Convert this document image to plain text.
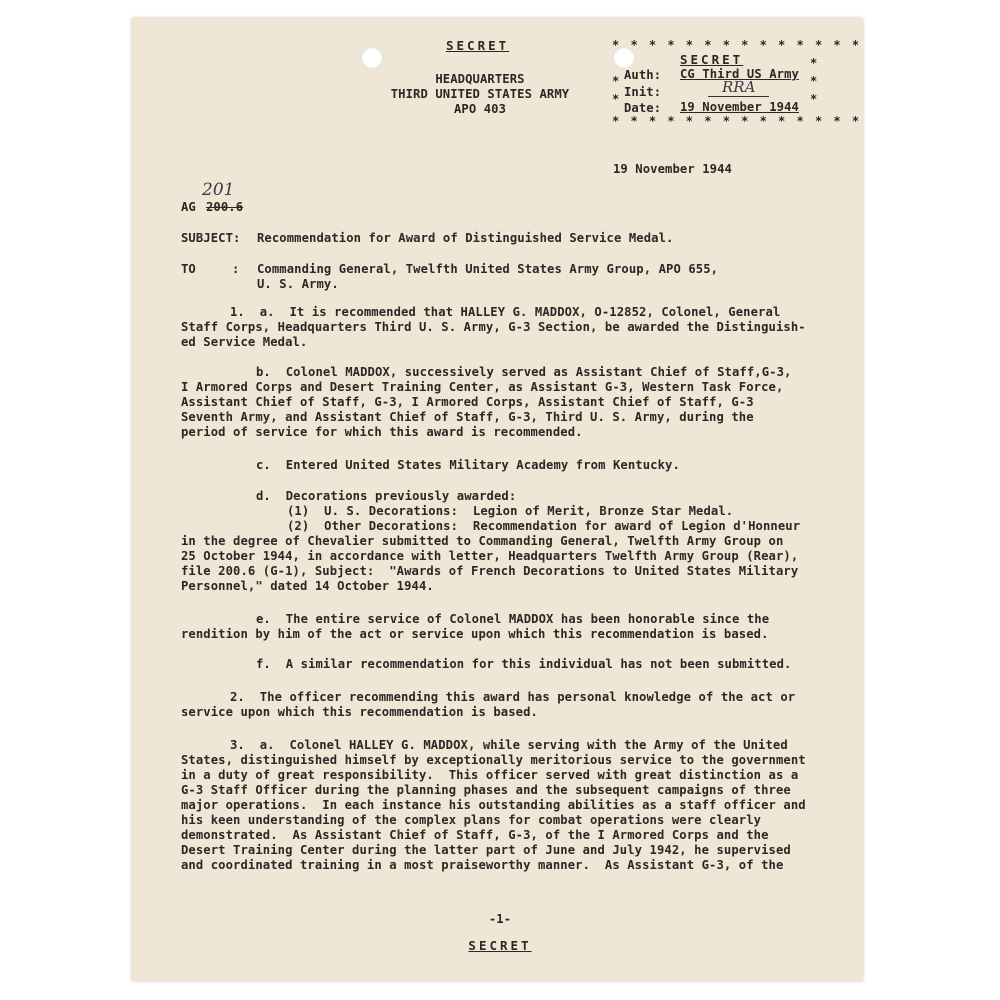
SECRET
HEADQUARTERS
THIRD UNITED STATES ARMY
APO 403
* * * * * * * * * * * * * *
* * * * * * * * * * * * * *
*
*
*
*
*
SECRET
Auth: CG Third US Army
Init:	RRA
Date: 19 November 1944
19 November 1944
201
AG 200.6
SUBJECT: Recommendation for Award of Distinguished Service Medal.
TO	: Commanding General, Twelfth United States Army Group, APO 655,
U. S. Army.
1.  a.  It is recommended that HALLEY G. MADDOX, O-12852, Colonel, General
Staff Corps, Headquarters Third U. S. Army, G-3 Section, be awarded the Distinguish-
ed Service Medal.
b.  Colonel MADDOX, successively served as Assistant Chief of Staff,G-3,
I Armored Corps and Desert Training Center, as Assistant G-3, Western Task Force,
Assistant Chief of Staff, G-3, I Armored Corps, Assistant Chief of Staff, G-3
Seventh Army, and Assistant Chief of Staff, G-3, Third U. S. Army, during the
period of service for which this award is recommended.
c.  Entered United States Military Academy from Kentucky.
d.  Decorations previously awarded:
(1)  U. S. Decorations:  Legion of Merit, Bronze Star Medal.
(2)  Other Decorations:  Recommendation for award of Legion d'Honneur
in the degree of Chevalier submitted to Commanding General, Twelfth Army Group on
25 October 1944, in accordance with letter, Headquarters Twelfth Army Group (Rear),
file 200.6 (G-1), Subject:  "Awards of French Decorations to United States Military
Personnel," dated 14 October 1944.
e.  The entire service of Colonel MADDOX has been honorable since the
rendition by him of the act or service upon which this recommendation is based.
f.  A similar recommendation for this individual has not been submitted.
2.  The officer recommending this award has personal knowledge of the act or
service upon which this recommendation is based.
3.  a.  Colonel HALLEY G. MADDOX, while serving with the Army of the United
States, distinguished himself by exceptionally meritorious service to the government
in a duty of great responsibility.  This officer served with great distinction as a
G-3 Staff Officer during the planning phases and the subsequent campaigns of three
major operations.  In each instance his outstanding abilities as a staff officer and
his keen understanding of the complex plans for combat operations were clearly
demonstrated.  As Assistant Chief of Staff, G-3, of the I Armored Corps and the
Desert Training Center during the latter part of June and July 1942, he supervised
and coordinated training in a most praiseworthy manner.  As Assistant G-3, of the
-1-
SECRET
